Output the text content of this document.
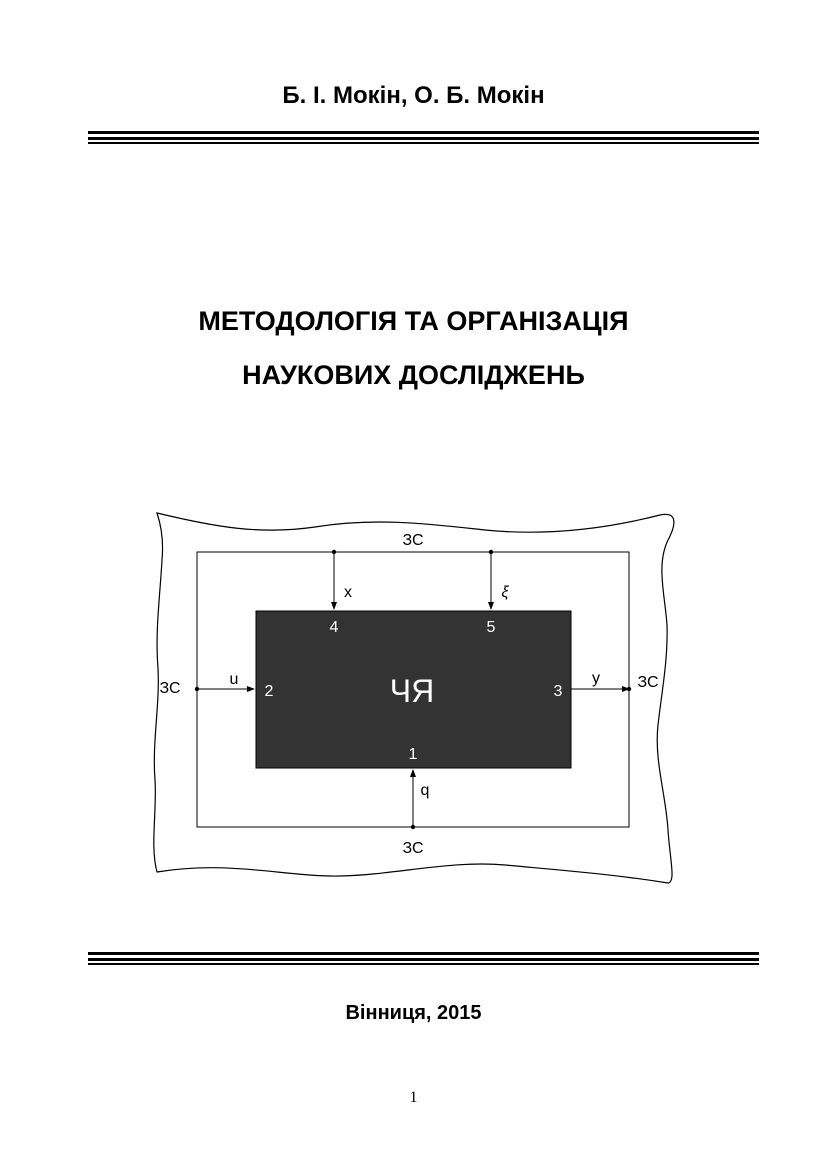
Б. І. Мокін, О. Б. Мокін
МЕТОДОЛОГІЯ ТА ОРГАНІЗАЦІЯ
НАУКОВИХ ДОСЛІДЖЕНЬ
ЗС
ЗС
ЗС	ЗС
x	ξ
u	y
q
4	5
2	3
1
ЧЯ
Вінниця, 2015
1
